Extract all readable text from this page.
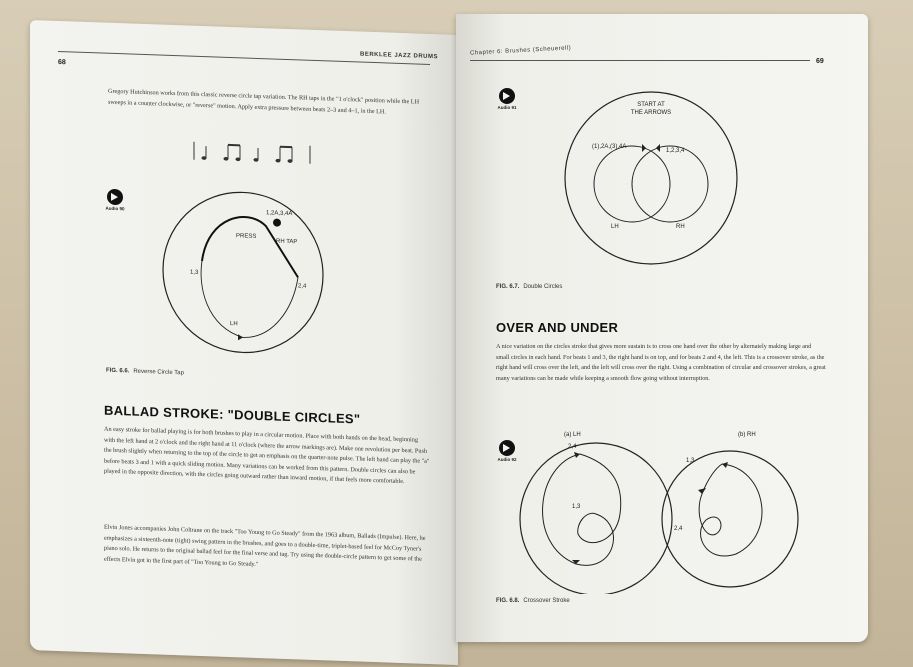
68
BERKLEE JAZZ DRUMS

Gregory Hutchinson works from this classic reverse circle tap variation. The RH taps in the "1 o'clock" position while the LH sweeps in a counter clockwise, or "reverse" motion. Apply extra pressure between beats 2–3 and 4–1, in the LH.

Audio 90
1,2A,3,4A
PRESS
RH TAP
1,3
2,4
LH
FIG. 6.6. Reverse Circle Tap
BALLAD STROKE: "DOUBLE CIRCLES"

An easy stroke for ballad playing is for both brushes to play in a circular motion. Place with both hands on the head, beginning with the left hand at 2 o'clock and the right hand at 11 o'clock (where the arrow markings are). Make one revolution per beat. Push the brush slightly when returning to the top of the circle to get an emphasis on the quarter-note pulse. The left hand can play the "a" before beats 3 and 1 with a quick sliding motion. Many variations can be worked from this pattern. Double circles can also be played in the opposite direction, with the circles going outward rather than inward motion, if that feels more comfortable.

Elvin Jones accompanies John Coltrane on the track "Too Young to Go Steady" from the 1963 album, Ballads (Impulse). Here, he emphasizes a sixteenth-note (tight) swing pattern in the brushes, and goes to a double-time, triplet-based feel for McCoy Tyner's piano solo. He returns to the original ballad feel for the final verse and tag. Try using the double-circle pattern to get some of the effects Elvin got in the first part of "Too Young to Go Steady."

Chapter 6: Brushes (Scheuerell)
69
Audio 91	START AT
THE ARROWS
(1),2A,(3),4A
1,2,3,4
LH	RH
FIG. 6.7. Double Circles
OVER AND UNDER

A nice variation on the circles stroke that gives more sustain is to cross one hand over the other by alternately making large and small circles in each hand. For beats 1 and 3, the right hand is on top, and for beats 2 and 4, the left. This is a crossover stroke, as the right hand will cross over the left, and the left will cross over the right. Using a combination of circular and crossover strokes, a great many variations can be made while keeping a smooth flow going without interruption.

Audio 92
(a) LH	(b) RH
2,4
1,3
1,3
2,4
FIG. 6.8. Crossover Stroke
